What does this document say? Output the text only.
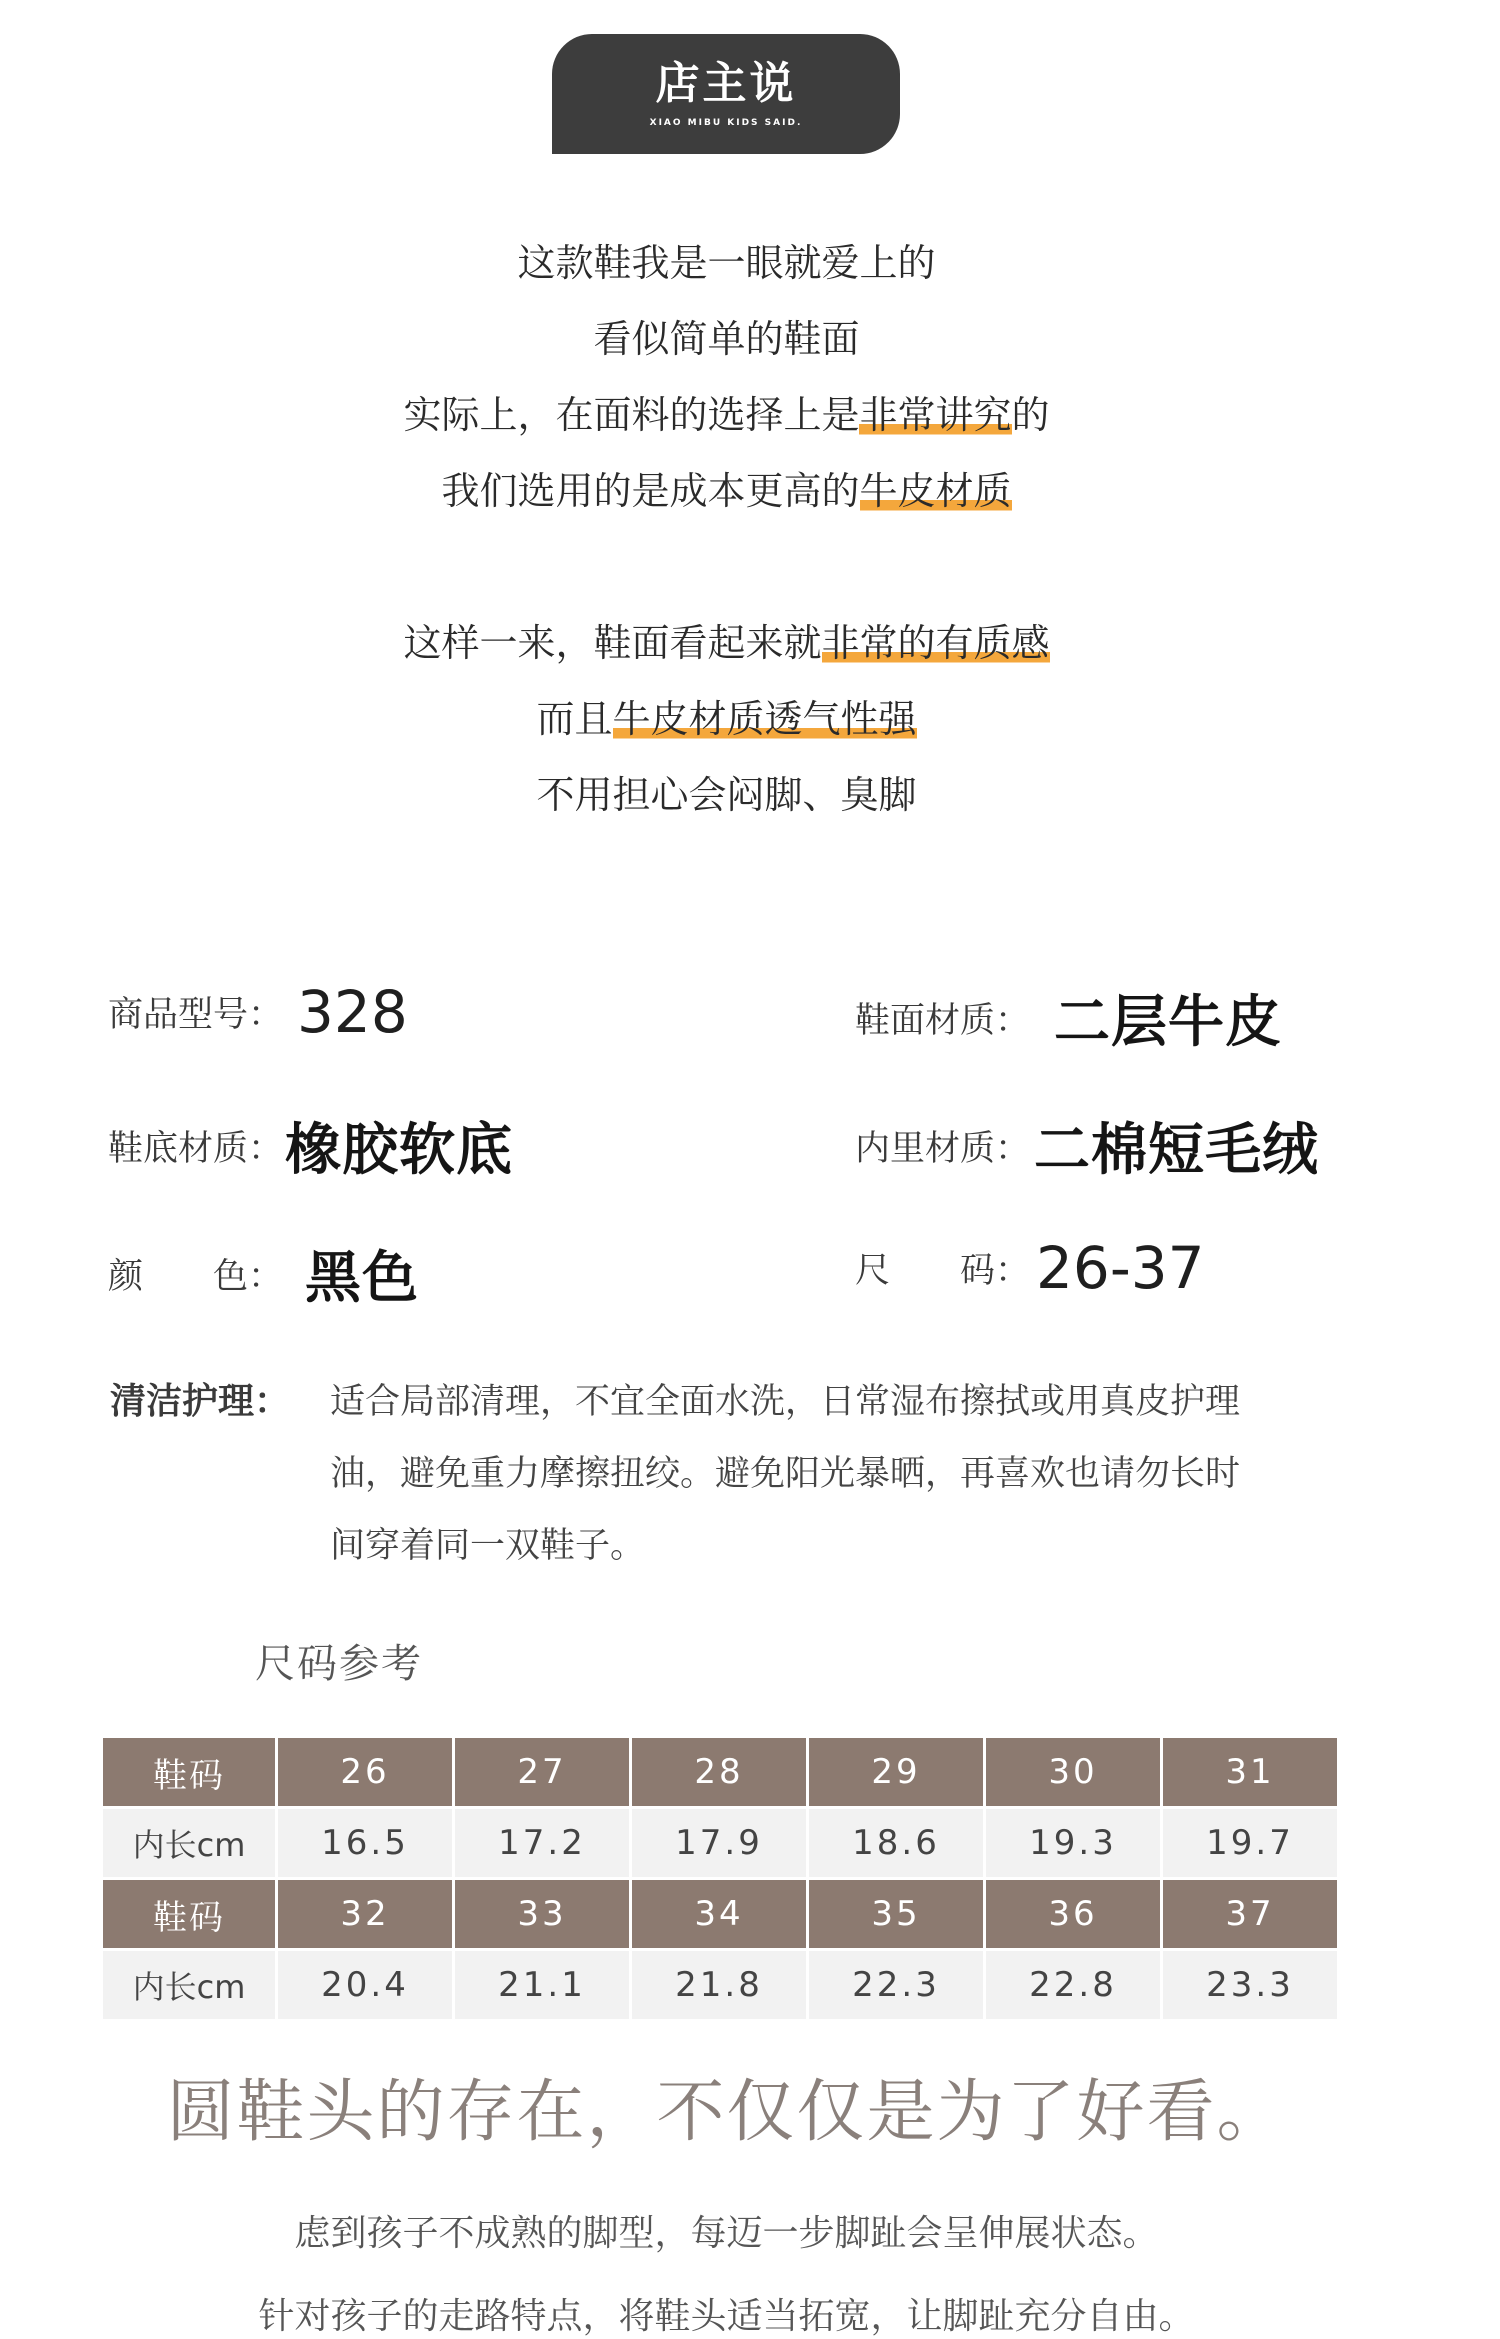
店主说
XIAO MIBU KIDS SAID.
这款鞋我是一眼就爱上的
看似简单的鞋面
实际上，在面料的选择上是非常讲究的
我们选用的是成本更高的牛皮材质
这样一来，鞋面看起来就非常的有质感
而且牛皮材质透气性强
不用担心会闷脚、臭脚
商品型号： 328	鞋面材质： 二层牛皮
鞋底材质：橡胶软底	内里材质：二棉短毛绒
颜　　色： 黑色	尺　　码： 26-37
清洁护理： 适合局部清理，不宜全面水洗，日常湿布擦拭或用真皮护理
油，避免重力摩擦扭绞。避免阳光暴晒，再喜欢也请勿长时
间穿着同一双鞋子。
尺码参考
鞋码	26	27	28	29	30	31
内长cm	16.5	17.2	17.9	18.6	19.3	19.7
鞋码	32	33	34	35	36	37
内长cm	20.4	21.1	21.8	22.3	22.8	23.3
圆鞋头的存在，不仅仅是为了好看。
虑到孩子不成熟的脚型，每迈一步脚趾会呈伸展状态。
针对孩子的走路特点，将鞋头适当拓宽，让脚趾充分自由。
